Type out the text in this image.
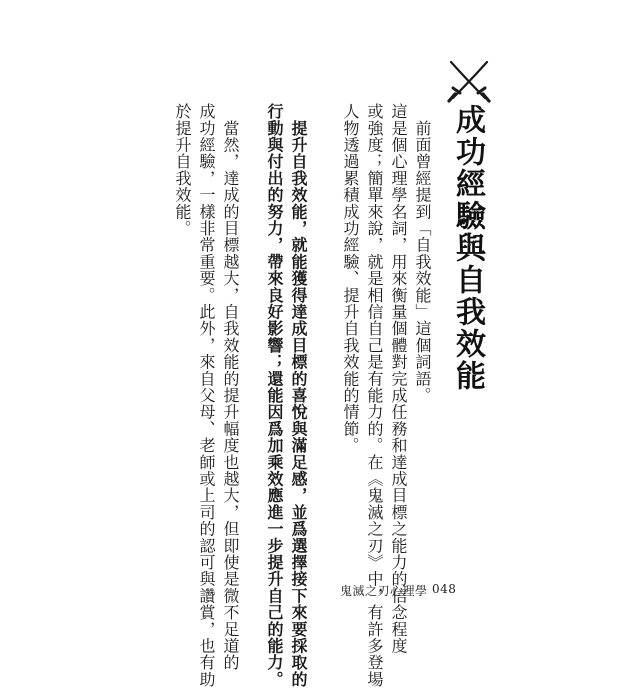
成功經驗與自我效能
　前面曾經提到「自我效能」這個詞語。
這是個心理學名詞，用來衡量個體對完成任務和達成目標之能力的信念程度
或強度；簡單來說，就是相信自己是有能力的。在《鬼滅之刃》中，有許多登場
人物透過累積成功經驗、提升自我效能的情節。
　提升自我效能，就能獲得達成目標的喜悅與滿足感，並爲選擇接下來要採取的
行動與付出的努力，帶來良好影響；還能因爲加乘效應進一步提升自己的能力。
　當然，達成的目標越大，自我效能的提升幅度也越大，但即使是微不足道的
成功經驗，一樣非常重要。此外，來自父母、老師或上司的認可與讚賞，也有助
於提升自我效能。
鬼滅之刃心理學 048
